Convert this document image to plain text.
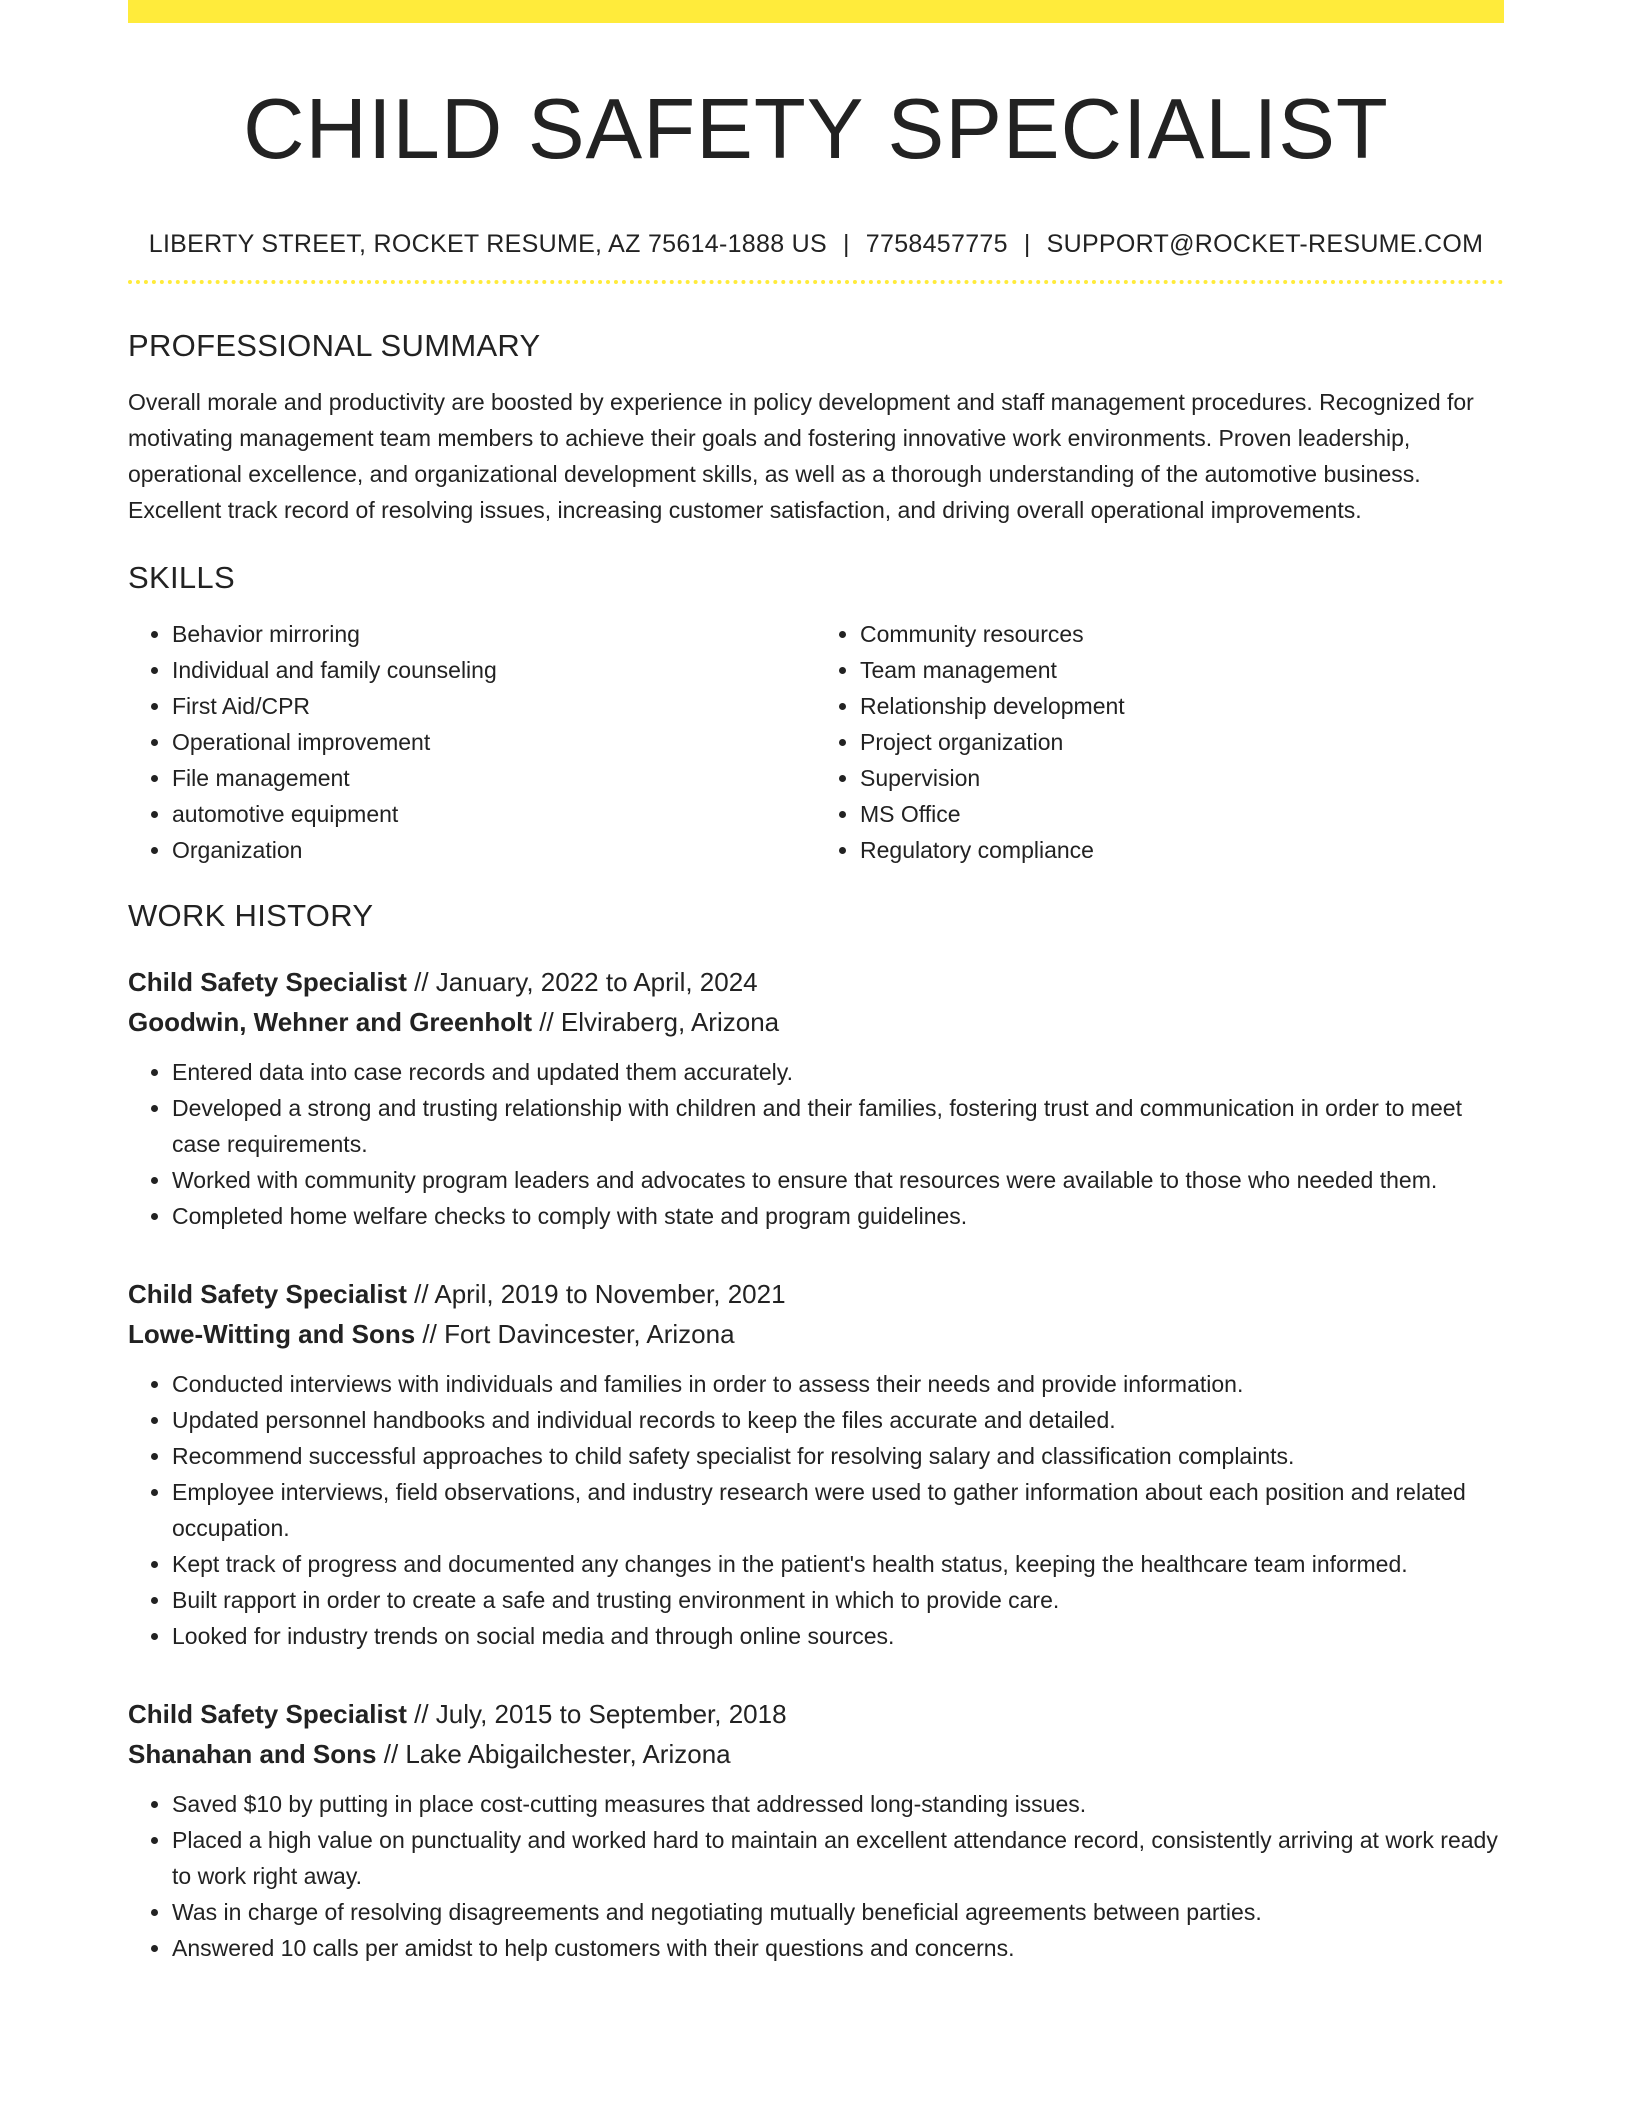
CHILD SAFETY SPECIALIST
LIBERTY STREET, ROCKET RESUME, AZ 75614-1888 US | 7758457775 | SUPPORT@ROCKET-RESUME.COM
PROFESSIONAL SUMMARY
Overall morale and productivity are boosted by experience in policy development and staff management procedures. Recognized for motivating management team members to achieve their goals and fostering innovative work environments. Proven leadership, operational excellence, and organizational development skills, as well as a thorough understanding of the automotive business. Excellent track record of resolving issues, increasing customer satisfaction, and driving overall operational improvements.
SKILLS
• Behavior mirroring
• Individual and family counseling
• First Aid/CPR
• Operational improvement
• File management
• automotive equipment
• Organization
• Community resources
• Team management
• Relationship development
• Project organization
• Supervision
• MS Office
• Regulatory compliance
WORK HISTORY
Child Safety Specialist // January, 2022 to April, 2024
Goodwin, Wehner and Greenholt // Elviraberg, Arizona
• Entered data into case records and updated them accurately.
• Developed a strong and trusting relationship with children and their families, fostering trust and communication in order to meet case requirements.
• Worked with community program leaders and advocates to ensure that resources were available to those who needed them.
• Completed home welfare checks to comply with state and program guidelines.
Child Safety Specialist // April, 2019 to November, 2021
Lowe-Witting and Sons // Fort Davincester, Arizona
• Conducted interviews with individuals and families in order to assess their needs and provide information.
• Updated personnel handbooks and individual records to keep the files accurate and detailed.
• Recommend successful approaches to child safety specialist for resolving salary and classification complaints.
• Employee interviews, field observations, and industry research were used to gather information about each position and related occupation.
• Kept track of progress and documented any changes in the patient's health status, keeping the healthcare team informed.
• Built rapport in order to create a safe and trusting environment in which to provide care.
• Looked for industry trends on social media and through online sources.
Child Safety Specialist // July, 2015 to September, 2018
Shanahan and Sons // Lake Abigailchester, Arizona
• Saved $10 by putting in place cost-cutting measures that addressed long-standing issues.
• Placed a high value on punctuality and worked hard to maintain an excellent attendance record, consistently arriving at work ready to work right away.
• Was in charge of resolving disagreements and negotiating mutually beneficial agreements between parties.
• Answered 10 calls per amidst to help customers with their questions and concerns.
